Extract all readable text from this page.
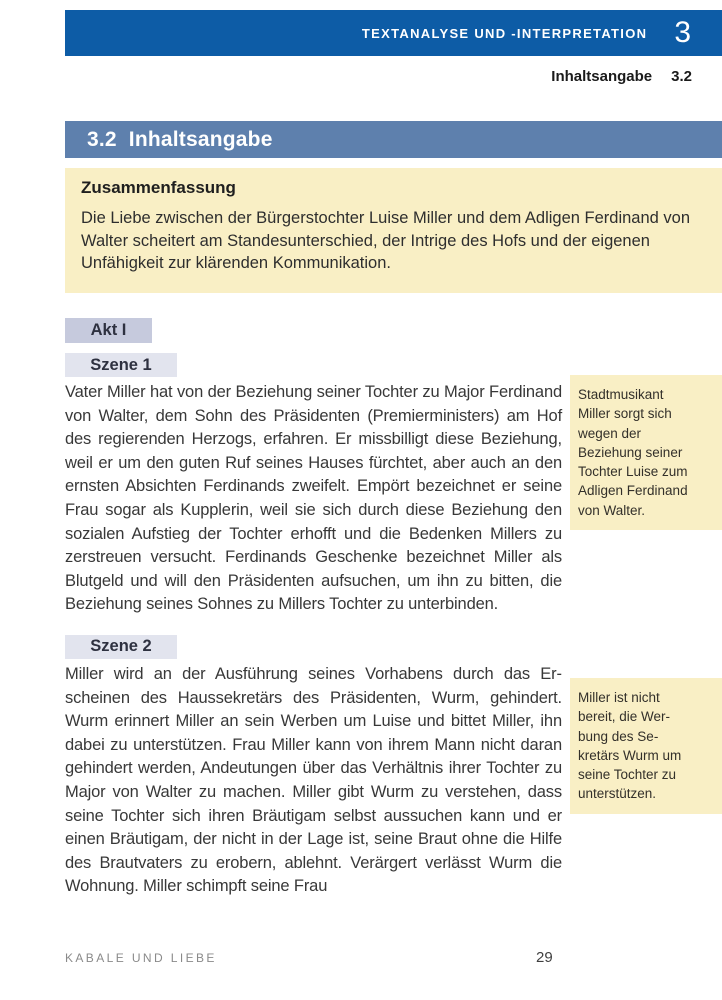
TEXTANALYSE UND -INTERPRETATION 3
Inhaltsangabe 3.2
3.2 Inhaltsangabe
Zusammenfassung
Die Liebe zwischen der Bürgerstochter Luise Miller und dem Adligen Ferdinand von Walter scheitert am Standesunterschied, der Intrige des Hofs und der eigenen Unfähigkeit zur klärenden Kommunikation.
Akt I
Szene 1
Vater Miller hat von der Beziehung seiner Tochter zu Major Ferdinand von Walter, dem Sohn des Präsidenten (Premierministers) am Hof des regierenden Herzogs, erfahren. Er missbilligt diese Beziehung, weil er um den guten Ruf seines Hauses fürchtet, aber auch an den ernsten Absichten Ferdinands zweifelt. Empört bezeichnet er seine Frau sogar als Kupplerin, weil sie sich durch diese Beziehung den sozialen Aufstieg der Tochter erhofft und die Bedenken Millers zu zerstreuen versucht. Ferdinands Geschenke bezeichnet Miller als Blutgeld und will den Präsidenten aufsuchen, um ihn zu bitten, die Beziehung seines Sohnes zu Millers Tochter zu unterbinden.
Szene 2
Miller wird an der Ausführung seines Vorhabens durch das Erscheinen des Haussekretärs des Präsidenten, Wurm, gehindert. Wurm erinnert Miller an sein Werben um Luise und bittet Miller, ihn dabei zu unterstützen. Frau Miller kann von ihrem Mann nicht daran gehindert werden, Andeutungen über das Verhältnis ihrer Tochter zu Major von Walter zu machen. Miller gibt Wurm zu verstehen, dass seine Tochter sich ihren Bräutigam selbst aussuchen kann und er einen Bräutigam, der nicht in der Lage ist, seine Braut ohne die Hilfe des Brautvaters zu erobern, ablehnt. Verärgert verlässt Wurm die Wohnung. Miller schimpft seine Frau
Stadtmusikant Miller sorgt sich wegen der Beziehung seiner Tochter Luise zum Adligen Ferdinand von Walter.
Miller ist nicht bereit, die Werbung des Sekretärs Wurm um seine Tochter zu unterstützen.
KABALE UND LIEBE	29
